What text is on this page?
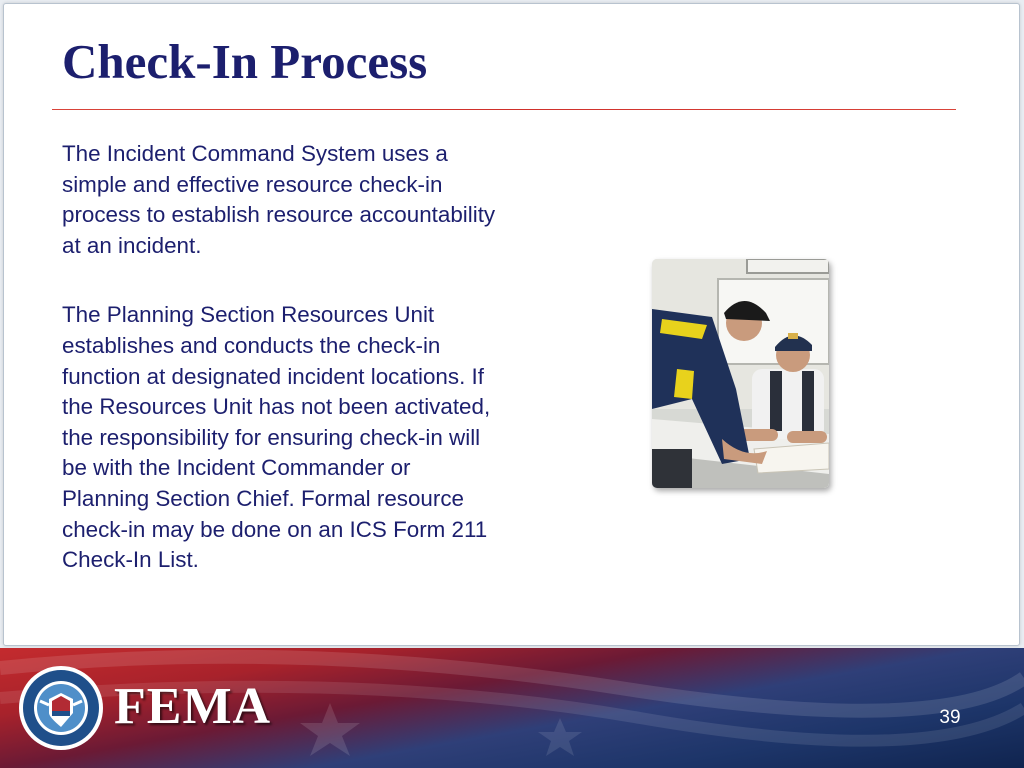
Check-In Process

The Incident Command System uses a simple and effective resource check-in process to establish resource accountability at an incident.

The Planning Section Resources Unit establishes and conducts the check-in function at designated incident locations. If the Resources Unit has not been activated, the responsibility for ensuring check-in will be with the Incident Commander or Planning Section Chief. Formal resource check-in may be done on an ICS Form 211 Check-In List.

FEMA	39
